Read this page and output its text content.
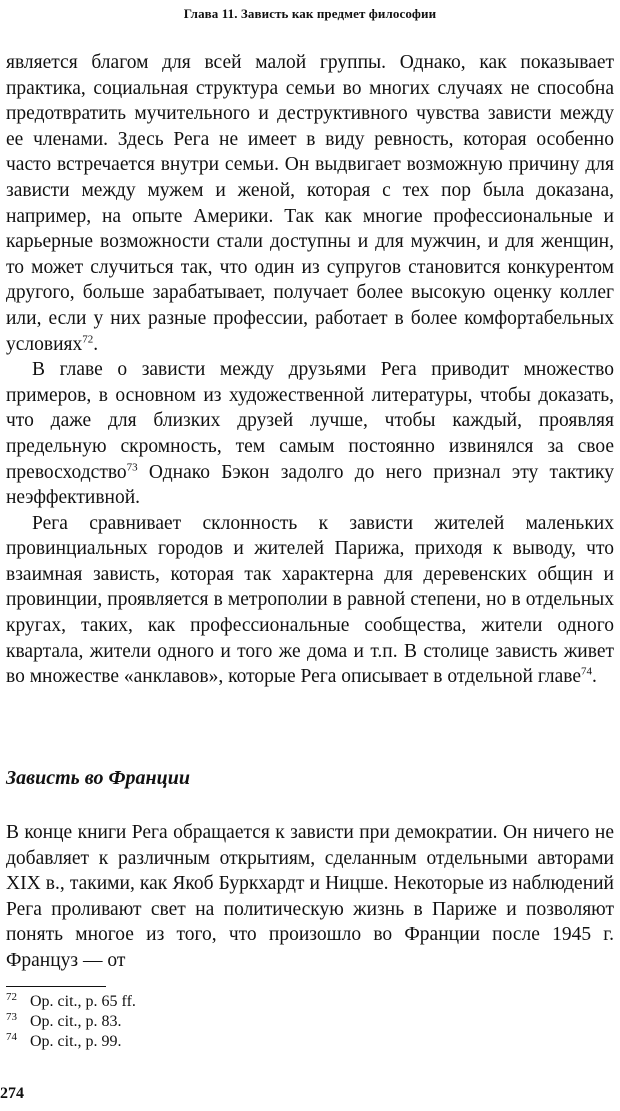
Глава 11. Зависть как предмет философии

является благом для всей малой группы. Однако, как показывает практика, социальная структура семьи во многих случаях не способна предотвратить мучительного и деструктивного чувства зависти между ее членами. Здесь Рега не имеет в виду ревность, которая особенно часто встречается внутри семьи. Он выдвигает возможную причину для зависти между мужем и женой, которая с тех пор была доказана, например, на опыте Америки. Так как многие профессиональные и карьерные возможности стали доступны и для мужчин, и для женщин, то может случиться так, что один из супругов становится конкурентом другого, больше зарабатывает, получает более высокую оценку коллег или, если у них разные профессии, работает в более комфортабельных условиях$^{72}$.

В главе о зависти между друзьями Рега приводит множество примеров, в основном из художественной литературы, чтобы доказать, что даже для близких друзей лучше, чтобы каждый, проявляя предельную скромность, тем самым постоянно извинялся за свое превосходство$^{73}$ Однако Бэкон задолго до него признал эту тактику неэффективной.

Рега сравнивает склонность к зависти жителей маленьких провинциальных городов и жителей Парижа, приходя к выводу, что взаимная зависть, которая так характерна для деревенских общин и провинции, проявляется в метрополии в равной степени, но в отдельных кругах, таких, как профессиональные сообщества, жители одного квартала, жители одного и того же дома и т.п. В столице зависть живет во множестве «анклавов», которые Рега описывает в отдельной главе$^{74}$.

Зависть во Франции

В конце книги Рега обращается к зависти при демократии. Он ничего не добавляет к различным открытиям, сделанным отдельными авторами XIX в., такими, как Якоб Буркхардт и Ницше. Некоторые из наблюдений Рега проливают свет на политическую жизнь в Париже и позволяют понять многое из того, что произошло во Франции после 1945 г. Француз — от

72 Op. cit., p. 65 ff.

73 Op. cit., p. 83.

74 Op. cit., p. 99.

274
